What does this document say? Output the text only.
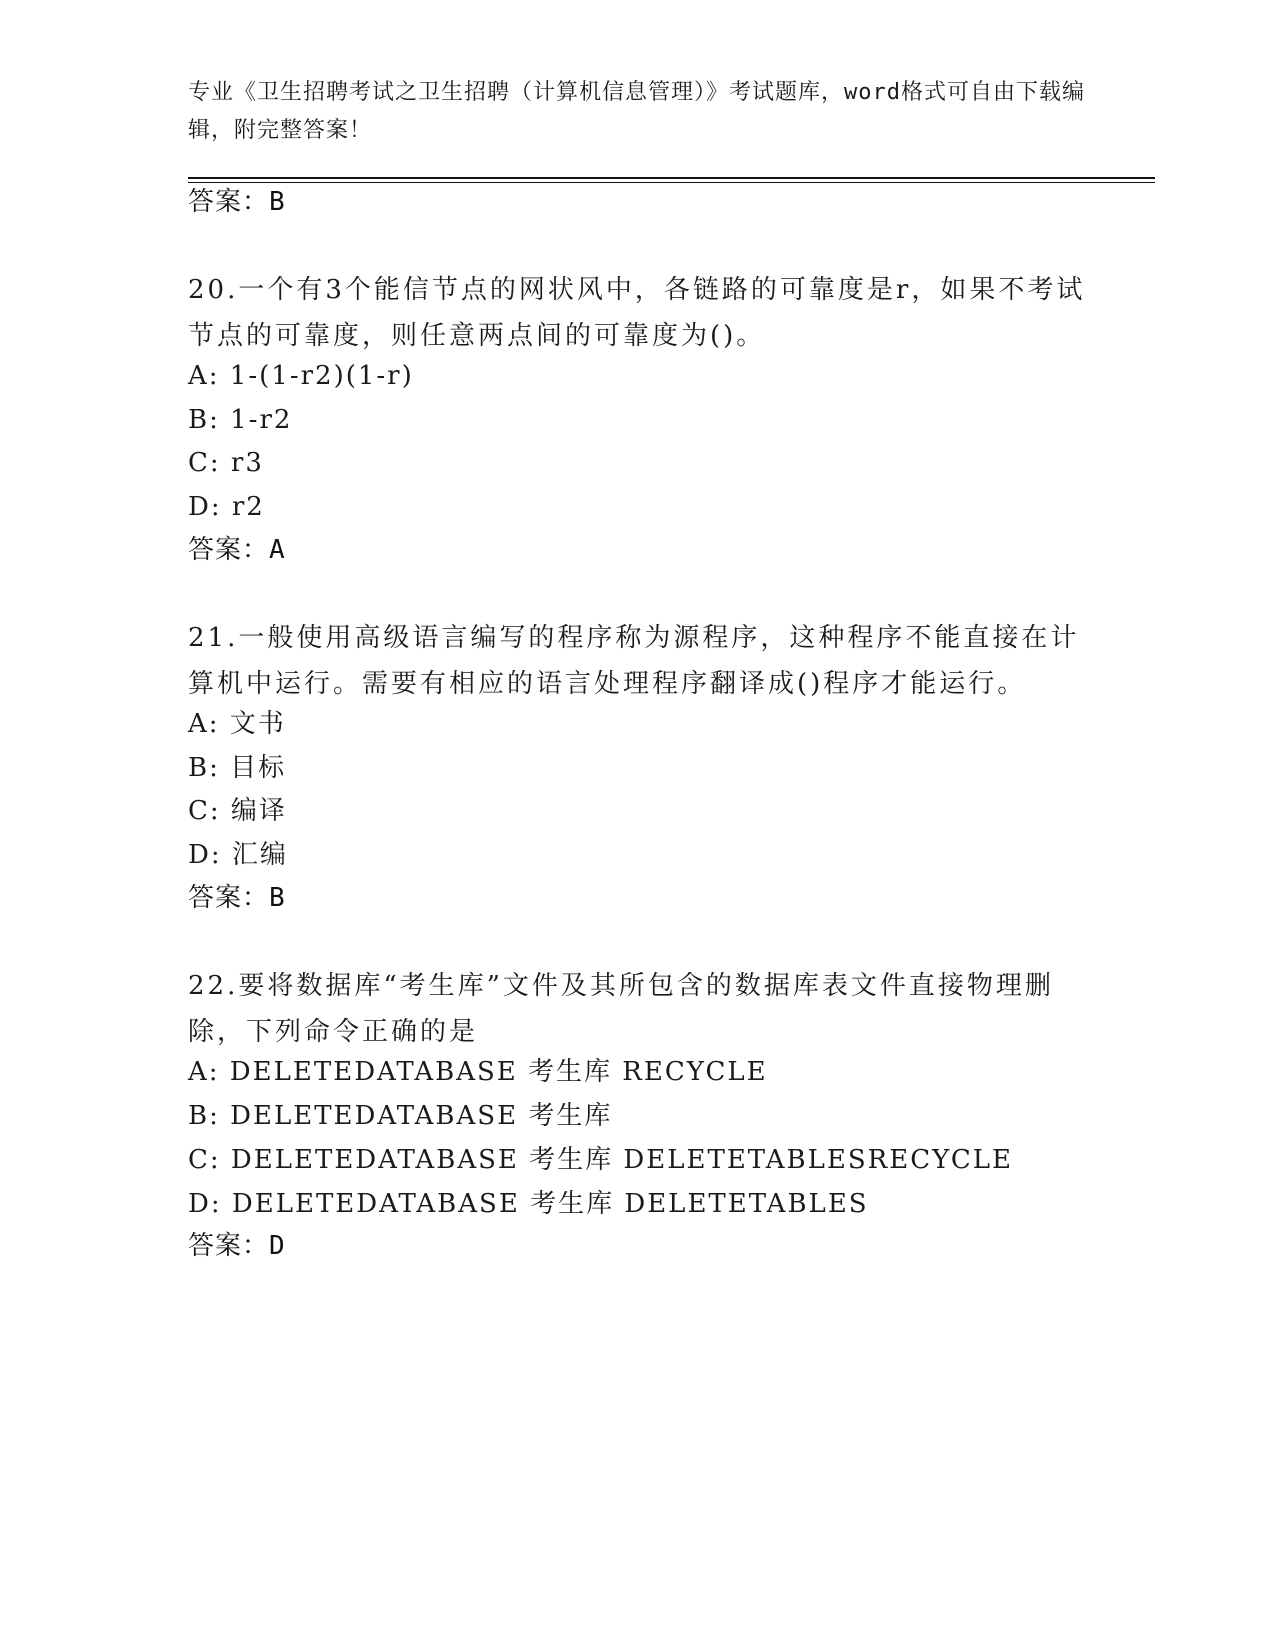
专业《卫生招聘考试之卫生招聘（计算机信息管理）》考试题库，word格式可自由下载编辑，附完整答案！
答案：B
20.一个有3个能信节点的网状风中，各链路的可靠度是r，如果不考试节点的可靠度，则任意两点间的可靠度为()。
A: 1-(1-r2)(1-r)
B: 1-r2
C: r3
D: r2
答案：A
21.一般使用高级语言编写的程序称为源程序，这种程序不能直接在计算机中运行。需要有相应的语言处理程序翻译成()程序才能运行。
A: 文书
B: 目标
C: 编译
D: 汇编
答案：B
22.要将数据库“考生库”文件及其所包含的数据库表文件直接物理删除，下列命令正确的是
A: DELETEDATABASE 考生库 RECYCLE
B: DELETEDATABASE 考生库
C: DELETEDATABASE 考生库 DELETETABLESRECYCLE
D: DELETEDATABASE 考生库 DELETETABLES
答案：D
